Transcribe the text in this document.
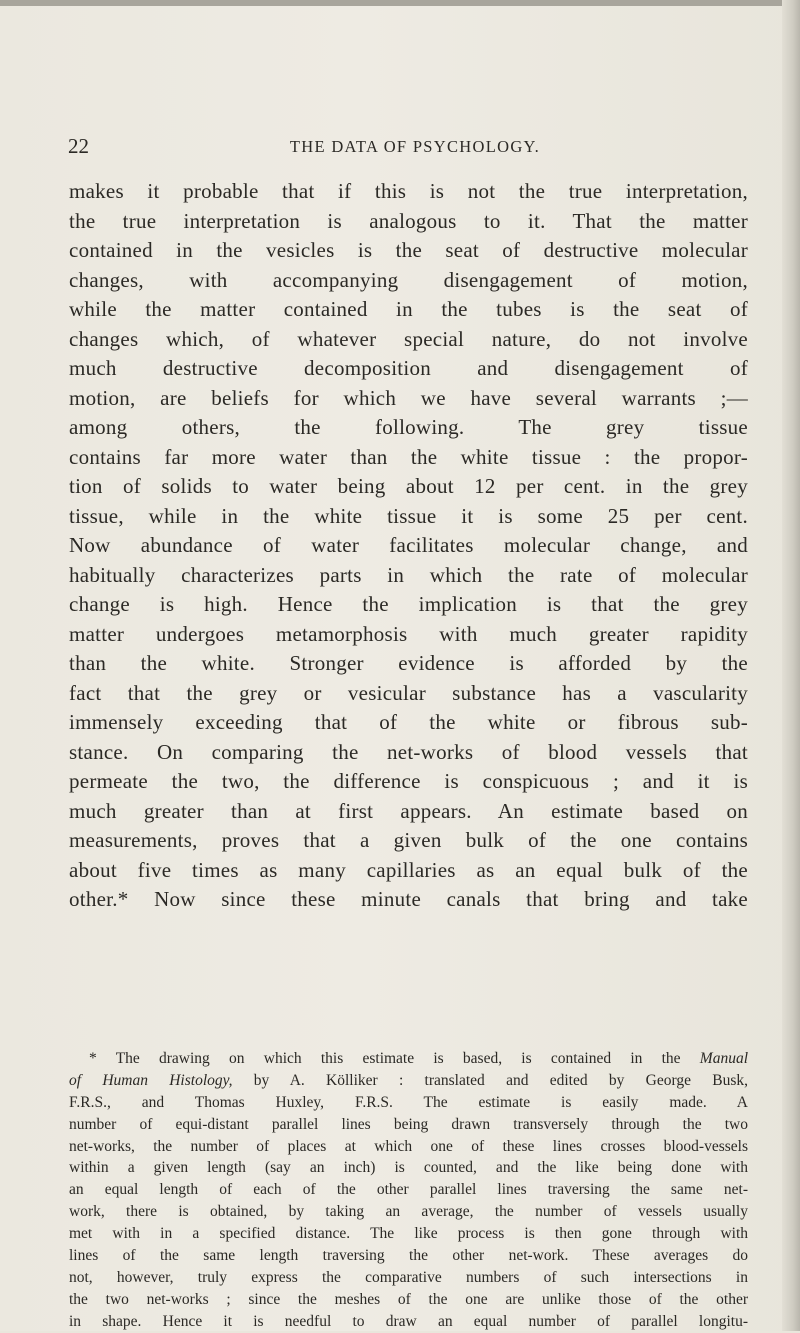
22	THE DATA OF PSYCHOLOGY.
makes it probable that if this is not the true interpretation,
the true interpretation is analogous to it. That the matter
contained in the vesicles is the seat of destructive molecular
changes, with accompanying disengagement of motion,
while the matter contained in the tubes is the seat of
changes which, of whatever special nature, do not involve
much destructive decomposition and disengagement of
motion, are beliefs for which we have several warrants ;—
among others, the following. The grey tissue
contains far more water than the white tissue : the propor-
tion of solids to water being about 12 per cent. in the grey
tissue, while in the white tissue it is some 25 per cent.
Now abundance of water facilitates molecular change, and
habitually characterizes parts in which the rate of molecular
change is high. Hence the implication is that the grey
matter undergoes metamorphosis with much greater rapidity
than the white. Stronger evidence is afforded by the
fact that the grey or vesicular substance has a vascularity
immensely exceeding that of the white or fibrous sub-
stance. On comparing the net-works of blood vessels that
permeate the two, the difference is conspicuous ; and it is
much greater than at first appears. An estimate based on
measurements, proves that a given bulk of the one contains
about five times as many capillaries as an equal bulk of the
other.* Now since these minute canals that bring and take
* The drawing on which this estimate is based, is contained in the Manual
of Human Histology, by A. Kölliker : translated and edited by George Busk,
F.R.S., and Thomas Huxley, F.R.S. The estimate is easily made. A
number of equi-distant parallel lines being drawn transversely through the two
net-works, the number of places at which one of these lines crosses blood-vessels
within a given length (say an inch) is counted, and the like being done with
an equal length of each of the other parallel lines traversing the same net-
work, there is obtained, by taking an average, the number of vessels usually
met with in a specified distance. The like process is then gone through with
lines of the same length traversing the other net-work. These averages do
not, however, truly express the comparative numbers of such intersections in
the two net-works ; since the meshes of the one are unlike those of the other
in shape. Hence it is needful to draw an equal number of parallel longitu-
